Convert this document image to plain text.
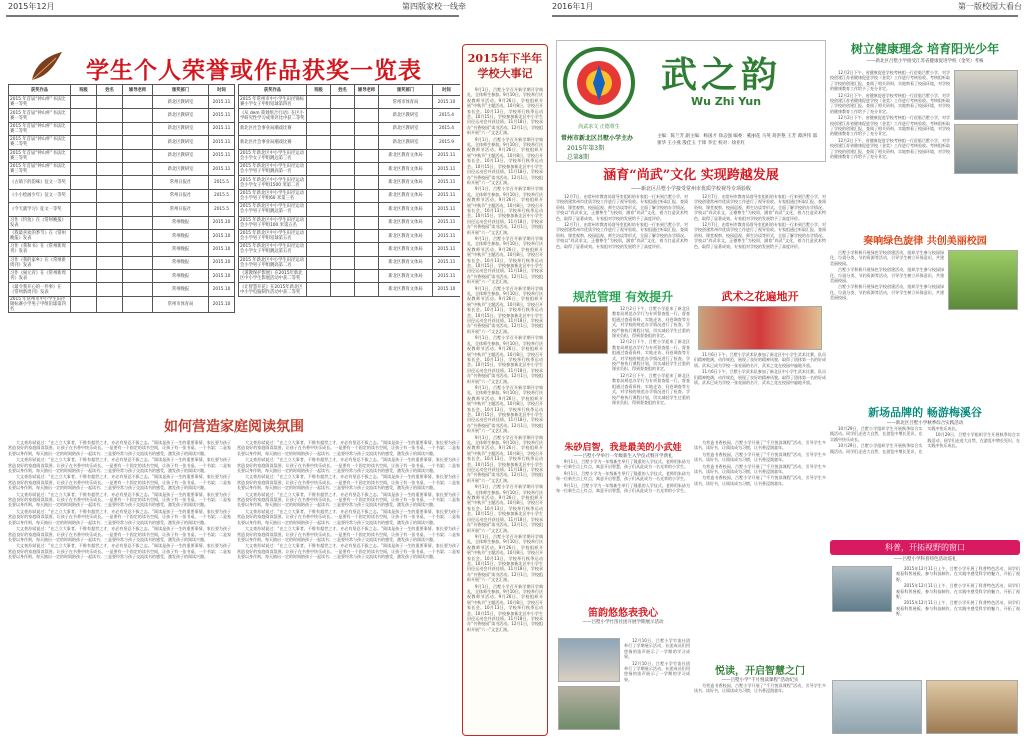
2015年12月	第四版家校一线牵	2016年1月	第一版校园大看台
学生个人荣誉或作品获奖一览表
获奖作品	班级	姓名	辅导老师	颁奖部门	时间
2015 年首届“钟山杯”书法比赛一等奖				新北区教研室	2015.11
2015 年首届“钟山杯”书法比赛一等奖				新北区教研室	2015.11
2015 年首届“钟山杯”书法比赛二等奖				新北区教研室	2015.11
2015 年首届“钟山杯”书法比赛二等奖				新北区教研室	2015.11
2015 年首届“钟山杯”书法比赛三等奖				新北区教研室	2015.11
2015 年首届“钟山杯”书法比赛三等奖				新北区教研室	2015.11
《古镇下的韵味》征文一等奖				常州日报社	2015.5
《小小绘画少年》征文一等奖				常州日报社	2015.5
《今天就学习》征文一等奖				常州日报社	2015.5
习作《钓鱼》在《常州晚报》发表				常州晚报	2015.10
《我最喜欢的季节》在《常州晚报》发表				常州晚报	2015.10
习作《我和书》在《常州新周刊》发表				常州晚报	2015.10
习作《我的家乡》在《常州新周刊》发表				常州晚报	2015.10
习作《闹元宵》在《常州新周刊》发表				常州晚报	2015.10
《最令我开心的一件事》在《常州新周刊》发表				常州晚报	2015.10
2015 年常州市中小学生田径锦标赛小学男子甲组铅球第四名				常州市体育局	2015.10
获奖作品	班级	姓名	辅导老师	颁奖部门	时间
2015 年常州市中小学生田径锦标赛小学女子甲组铅球第四名				常州市体育局	2015.10
《从 dem 策划组合行动》在区小学研究性学习成果评比中获二等奖				新北区教研室	2015.4
新北区社会事业局潮戏比赛				新北区教研室	2015.4
新北区社会事业局潮戏比赛				新北区教研室	2015.9
2015 年新北区中小学生田径运动会小学女子甲组跳远第三名				新北区教育文体局	2015.11
2015 年新北区中小学生田径运动会小学男子甲组跳高第一名				新北区教育文体局	2015.11
2015 年新北区中小学生田径运动会小学女子甲组1500 米第二名				新北区教育文体局	2015.11
2015 年新北区中小学生田径运动会小学男子甲组60 米第三名				新北区教育文体局	2015.11
2015 年新北区中小学生田径运动会小学男子甲组跳远第一名				新北区教育文体局	2015.11
2015 年新北区中小学生田径运动会小学男子甲组100 米第五名				新北区教育文体局	2015.11
2015 年新北区中小学生田径运动会小学男子甲组铅球第五名				新北区教育文体局	2015.11
2015 年新北区中小学生田径运动会小学女子甲组跳远第五名				新北区教育文体局	2015.11
2015 年新北区中小学生田径运动会小学男子甲组跳高第二名				新北区教育文体局	2015.11
《道教保护影展》在2015年新北区中小学生影展活动中获二等奖				新北区教育文体局	2015.11
《让智慧开花》在2015年新北区中小学电脑制作活动中获二等奖				新北区教育文体局	2015.10
如何营造家庭阅读氛围

大文豪苏轼说过：“在之立大事者，不惟有超世之才，亦必有坚忍不拔之志。”阅读是孩子一生的重要事情，家长要为孩子营造良好的家庭阅读氛围，让孩子在书香中快乐成长。一是要有一个固定的读书空间，让孩子有一张书桌、一个书架；二是家长要以身作则，每天抽出一定的时间陪孩子一起读书；三是要经常与孩子交流读书的感受，激发孩子的阅读兴趣。

大文豪苏轼说过：“在之立大事者，不惟有超世之才，亦必有坚忍不拔之志。”阅读是孩子一生的重要事情，家长要为孩子营造良好的家庭阅读氛围，让孩子在书香中快乐成长。一是要有一个固定的读书空间，让孩子有一张书桌、一个书架；二是家长要以身作则，每天抽出一定的时间陪孩子一起读书；三是要经常与孩子交流读书的感受，激发孩子的阅读兴趣。

大文豪苏轼说过：“在之立大事者，不惟有超世之才，亦必有坚忍不拔之志。”阅读是孩子一生的重要事情，家长要为孩子营造良好的家庭阅读氛围，让孩子在书香中快乐成长。一是要有一个固定的读书空间，让孩子有一张书桌、一个书架；二是家长要以身作则，每天抽出一定的时间陪孩子一起读书；三是要经常与孩子交流读书的感受，激发孩子的阅读兴趣。

大文豪苏轼说过：“在之立大事者，不惟有超世之才，亦必有坚忍不拔之志。”阅读是孩子一生的重要事情，家长要为孩子营造良好的家庭阅读氛围，让孩子在书香中快乐成长。一是要有一个固定的读书空间，让孩子有一张书桌、一个书架；二是家长要以身作则，每天抽出一定的时间陪孩子一起读书；三是要经常与孩子交流读书的感受，激发孩子的阅读兴趣。

大文豪苏轼说过：“在之立大事者，不惟有超世之才，亦必有坚忍不拔之志。”阅读是孩子一生的重要事情，家长要为孩子营造良好的家庭阅读氛围，让孩子在书香中快乐成长。一是要有一个固定的读书空间，让孩子有一张书桌、一个书架；二是家长要以身作则，每天抽出一定的时间陪孩子一起读书；三是要经常与孩子交流读书的感受，激发孩子的阅读兴趣。

大文豪苏轼说过：“在之立大事者，不惟有超世之才，亦必有坚忍不拔之志。”阅读是孩子一生的重要事情，家长要为孩子营造良好的家庭阅读氛围，让孩子在书香中快乐成长。一是要有一个固定的读书空间，让孩子有一张书桌、一个书架；二是家长要以身作则，每天抽出一定的时间陪孩子一起读书；三是要经常与孩子交流读书的感受，激发孩子的阅读兴趣。

大文豪苏轼说过：“在之立大事者，不惟有超世之才，亦必有坚忍不拔之志。”阅读是孩子一生的重要事情，家长要为孩子营造良好的家庭阅读氛围，让孩子在书香中快乐成长。一是要有一个固定的读书空间，让孩子有一张书桌、一个书架；二是家长要以身作则，每天抽出一定的时间陪孩子一起读书；三是要经常与孩子交流读书的感受，激发孩子的阅读兴趣。

大文豪苏轼说过：“在之立大事者，不惟有超世之才，亦必有坚忍不拔之志。”阅读是孩子一生的重要事情，家长要为孩子营造良好的家庭阅读氛围，让孩子在书香中快乐成长。一是要有一个固定的读书空间，让孩子有一张书桌、一个书架；二是家长要以身作则，每天抽出一定的时间陪孩子一起读书；三是要经常与孩子交流读书的感受，激发孩子的阅读兴趣。

大文豪苏轼说过：“在之立大事者，不惟有超世之才，亦必有坚忍不拔之志。”阅读是孩子一生的重要事情，家长要为孩子营造良好的家庭阅读氛围，让孩子在书香中快乐成长。一是要有一个固定的读书空间，让孩子有一张书桌、一个书架；二是家长要以身作则，每天抽出一定的时间陪孩子一起读书；三是要经常与孩子交流读书的感受，激发孩子的阅读兴趣。

大文豪苏轼说过：“在之立大事者，不惟有超世之才，亦必有坚忍不拔之志。”阅读是孩子一生的重要事情，家长要为孩子营造良好的家庭阅读氛围，让孩子在书香中快乐成长。一是要有一个固定的读书空间，让孩子有一张书桌、一个书架；二是家长要以身作则，每天抽出一定的时间陪孩子一起读书；三是要经常与孩子交流读书的感受，激发孩子的阅读兴趣。

大文豪苏轼说过：“在之立大事者，不惟有超世之才，亦必有坚忍不拔之志。”阅读是孩子一生的重要事情，家长要为孩子营造良好的家庭阅读氛围，让孩子在书香中快乐成长。一是要有一个固定的读书空间，让孩子有一张书桌、一个书架；二是家长要以身作则，每天抽出一定的时间陪孩子一起读书；三是要经常与孩子交流读书的感受，激发孩子的阅读兴趣。

大文豪苏轼说过：“在之立大事者，不惟有超世之才，亦必有坚忍不拔之志。”阅读是孩子一生的重要事情，家长要为孩子营造良好的家庭阅读氛围，让孩子在书香中快乐成长。一是要有一个固定的读书空间，让孩子有一张书桌、一个书架；二是家长要以身作则，每天抽出一定的时间陪孩子一起读书；三是要经常与孩子交流读书的感受，激发孩子的阅读兴趣。

大文豪苏轼说过：“在之立大事者，不惟有超世之才，亦必有坚忍不拔之志。”阅读是孩子一生的重要事情，家长要为孩子营造良好的家庭阅读氛围，让孩子在书香中快乐成长。一是要有一个固定的读书空间，让孩子有一张书桌、一个书架；二是家长要以身作则，每天抽出一定的时间陪孩子一起读书；三是要经常与孩子交流读书的感受，激发孩子的阅读兴趣。

大文豪苏轼说过：“在之立大事者，不惟有超世之才，亦必有坚忍不拔之志。”阅读是孩子一生的重要事情，家长要为孩子营造良好的家庭阅读氛围，让孩子在书香中快乐成长。一是要有一个固定的读书空间，让孩子有一张书桌、一个书架；二是家长要以身作则，每天抽出一定的时间陪孩子一起读书；三是要经常与孩子交流读书的感受，激发孩子的阅读兴趣。

2015年下半年学校大事记

9月1日，吕墅小学召开新学期开学典礼，全体师生参加。9月10日，学校举行庆祝教师节活动。9月26日，学校组织开展“中秋节”主题活动。10月8日，学校召开家长会。10月13日，学校举行秋季运动会。10月15日，学校参加新北区中小学生田径运动会并获佳绩。11月18日，学校承办“书香校园”读书活动。12月1日，学校组织开展“六一”文艺汇演。

9月1日，吕墅小学召开新学期开学典礼，全体师生参加。9月10日，学校举行庆祝教师节活动。9月26日，学校组织开展“中秋节”主题活动。10月8日，学校召开家长会。10月13日，学校举行秋季运动会。10月15日，学校参加新北区中小学生田径运动会并获佳绩。11月18日，学校承办“书香校园”读书活动。12月1日，学校组织开展“六一”文艺汇演。

9月1日，吕墅小学召开新学期开学典礼，全体师生参加。9月10日，学校举行庆祝教师节活动。9月26日，学校组织开展“中秋节”主题活动。10月8日，学校召开家长会。10月13日，学校举行秋季运动会。10月15日，学校参加新北区中小学生田径运动会并获佳绩。11月18日，学校承办“书香校园”读书活动。12月1日，学校组织开展“六一”文艺汇演。

9月1日，吕墅小学召开新学期开学典礼，全体师生参加。9月10日，学校举行庆祝教师节活动。9月26日，学校组织开展“中秋节”主题活动。10月8日，学校召开家长会。10月13日，学校举行秋季运动会。10月15日，学校参加新北区中小学生田径运动会并获佳绩。11月18日，学校承办“书香校园”读书活动。12月1日，学校组织开展“六一”文艺汇演。

9月1日，吕墅小学召开新学期开学典礼，全体师生参加。9月10日，学校举行庆祝教师节活动。9月26日，学校组织开展“中秋节”主题活动。10月8日，学校召开家长会。10月13日，学校举行秋季运动会。10月15日，学校参加新北区中小学生田径运动会并获佳绩。11月18日，学校承办“书香校园”读书活动。12月1日，学校组织开展“六一”文艺汇演。

9月1日，吕墅小学召开新学期开学典礼，全体师生参加。9月10日，学校举行庆祝教师节活动。9月26日，学校组织开展“中秋节”主题活动。10月8日，学校召开家长会。10月13日，学校举行秋季运动会。10月15日，学校参加新北区中小学生田径运动会并获佳绩。11月18日，学校承办“书香校园”读书活动。12月1日，学校组织开展“六一”文艺汇演。

9月1日，吕墅小学召开新学期开学典礼，全体师生参加。9月10日，学校举行庆祝教师节活动。9月26日，学校组织开展“中秋节”主题活动。10月8日，学校召开家长会。10月13日，学校举行秋季运动会。10月15日，学校参加新北区中小学生田径运动会并获佳绩。11月18日，学校承办“书香校园”读书活动。12月1日，学校组织开展“六一”文艺汇演。

9月1日，吕墅小学召开新学期开学典礼，全体师生参加。9月10日，学校举行庆祝教师节活动。9月26日，学校组织开展“中秋节”主题活动。10月8日，学校召开家长会。10月13日，学校举行秋季运动会。10月15日，学校参加新北区中小学生田径运动会并获佳绩。11月18日，学校承办“书香校园”读书活动。12月1日，学校组织开展“六一”文艺汇演。

9月1日，吕墅小学召开新学期开学典礼，全体师生参加。9月10日，学校举行庆祝教师节活动。9月26日，学校组织开展“中秋节”主题活动。10月8日，学校召开家长会。10月13日，学校举行秋季运动会。10月15日，学校参加新北区中小学生田径运动会并获佳绩。11月18日，学校承办“书香校园”读书活动。12月1日，学校组织开展“六一”文艺汇演。

9月1日，吕墅小学召开新学期开学典礼，全体师生参加。9月10日，学校举行庆祝教师节活动。9月26日，学校组织开展“中秋节”主题活动。10月8日，学校召开家长会。10月13日，学校举行秋季运动会。10月15日，学校参加新北区中小学生田径运动会并获佳绩。11月18日，学校承办“书香校园”读书活动。12月1日，学校组织开展“六一”文艺汇演。

9月1日，吕墅小学召开新学期开学典礼，全体师生参加。9月10日，学校举行庆祝教师节活动。9月26日，学校组织开展“中秋节”主题活动。10月8日，学校召开家长会。10月13日，学校举行秋季运动会。10月15日，学校参加新北区中小学生田径运动会并获佳绩。11月18日，学校承办“书香校园”读书活动。12月1日，学校组织开展“六一”文艺汇演。

尚武求文 正德尊生
武之韵
Wu Zhi Yun
常州市新北区吕墅小学主办
2015年第3期
总第8期
主编：陈兰芳 副主编：杨国才 徐志强 编委：奚丽花 马英 蒋洪艳 王芳 谭洪伟 邵蕾华 王小燕 殷佳玉 于锋 李宏 校对：徐亚红
涵育“尚武”文化 实现跨越发展
——新北区吕墅小学接受常州市优质学校视导专项验收

12月7日，由常州市教育局督导室组织的专家组一行来到吕墅小学，对学校创建常州市优质学校工作进行了视导验收。专家组通过听取汇报、查阅资料、课堂观察、校园巡视、师生访谈等形式，全面了解学校的办学情况。学校以“尚武求文，正德尊生”为校训，涵育“尚武”文化，着力打造武术特色，取得了显著成效。专家组对学校的发展给予了高度评价。

12月7日，由常州市教育局督导室组织的专家组一行来到吕墅小学，对学校创建常州市优质学校工作进行了视导验收。专家组通过听取汇报、查阅资料、课堂观察、校园巡视、师生访谈等形式，全面了解学校的办学情况。学校以“尚武求文，正德尊生”为校训，涵育“尚武”文化，着力打造武术特色，取得了显著成效。专家组对学校的发展给予了高度评价。

12月7日，由常州市教育局督导室组织的专家组一行来到吕墅小学，对学校创建常州市优质学校工作进行了视导验收。专家组通过听取汇报、查阅资料、课堂观察、校园巡视、师生访谈等形式，全面了解学校的办学情况。学校以“尚武求文，正德尊生”为校训，涵育“尚武”文化，着力打造武术特色，取得了显著成效。专家组对学校的发展给予了高度评价。

12月7日，由常州市教育局督导室组织的专家组一行来到吕墅小学，对学校创建常州市优质学校工作进行了视导验收。专家组通过听取汇报、查阅资料、课堂观察、校园巡视、师生访谈等形式，全面了解学校的办学情况。学校以“尚武求文，正德尊生”为校训，涵育“尚武”文化，着力打造武术特色，取得了显著成效。专家组对学校的发展给予了高度评价。

规范管理 有效提升

12月2日下午，吕墅小学迎来了新北区教育局规范办学行为专项督查组一行。督查组通过查看资料、实地走访、问卷调查等方式，对学校的规范办学情况进行了检查。学校严格执行课程计划，切实减轻学生过重的课业负担，得到督查组的肯定。

12月2日下午，吕墅小学迎来了新北区教育局规范办学行为专项督查组一行。督查组通过查看资料、实地走访、问卷调查等方式，对学校的规范办学情况进行了检查。学校严格执行课程计划，切实减轻学生过重的课业负担，得到督查组的肯定。

12月2日下午，吕墅小学迎来了新北区教育局规范办学行为专项督查组一行。督查组通过查看资料、实地走访、问卷调查等方式，对学校的规范办学情况进行了检查。学校严格执行课程计划，切实减轻学生过重的课业负担，得到督查组的肯定。

武术之花遍地开

11月6日下午，吕墅小学武术队参加了新北区中小学生武术比赛。队员们精神饱满，动作规范，展现了良好的精神风貌，取得了团体第一名的好成绩。武术已成为学校一张亮丽的名片，武术之花在校园中遍地开放。

11月6日下午，吕墅小学武术队参加了新北区中小学生武术比赛。队员们精神饱满，动作规范，展现了良好的精神风貌，取得了团体第一名的好成绩。武术已成为学校一张亮丽的名片，武术之花在校园中遍地开放。

朱砂启智，我是最美的小武娃
——吕墅小学举行一年级新生入学仪式暨开学典礼

9月1日，吕墅小学为一年级新生举行了隆重的入学仪式。老师用朱砂为每一位新生点上红点，寓意开启智慧，孩子们从此成为一名光荣的小学生。

9月1日，吕墅小学为一年级新生举行了隆重的入学仪式。老师用朱砂为每一位新生点上红点，寓意开启智慧，孩子们从此成为一名光荣的小学生。

9月1日，吕墅小学为一年级新生举行了隆重的入学仪式。老师用朱砂为每一位新生点上红点，寓意开启智慧，孩子们从此成为一名光荣的小学生。

笛韵悠悠表我心
——吕墅小学竹笛社团开展学期展示活动

12月10日，吕墅小学竹笛社团举行了学期展示活动，社团成员们用悠扬的笛声展示了一学期的学习成果。

12月10日，吕墅小学竹笛社团举行了学期展示活动，社团成员们用悠扬的笛声展示了一学期的学习成果。

为营造书香校园，吕墅小学开展了“千月悦读课程”活动，引导学生多读书、读好书，让阅读成为习惯，让书香浸润童年。

为营造书香校园，吕墅小学开展了“千月悦读课程”活动，引导学生多读书、读好书，让阅读成为习惯，让书香浸润童年。

为营造书香校园，吕墅小学开展了“千月悦读课程”活动，引导学生多读书、读好书，让阅读成为习惯，让书香浸润童年。

为营造书香校园，吕墅小学开展了“千月悦读课程”活动，引导学生多读书、读好书，让阅读成为习惯，让书香浸润童年。

悦读，开启智慧之门
——吕墅小学“千月悦读课程”活动纪实

为营造书香校园，吕墅小学开展了“千月悦读课程”活动，引导学生多读书、读好书，让阅读成为习惯，让书香浸润童年。

树立健康理念 培育阳光少年
——新北区吕墅小学接受江苏省健康促进学校（金奖）考核

12月2日下午，省健康促进学校考核组一行莅临吕墅小学，对学校创建江苏省健康促进学校（金奖）工作进行考核验收。考核组听取了学校的创建汇报，查阅了相关资料，实地察看了校园环境，对学校的健康教育工作给予了充分肯定。

12月2日下午，省健康促进学校考核组一行莅临吕墅小学，对学校创建江苏省健康促进学校（金奖）工作进行考核验收。考核组听取了学校的创建汇报，查阅了相关资料，实地察看了校园环境，对学校的健康教育工作给予了充分肯定。

12月2日下午，省健康促进学校考核组一行莅临吕墅小学，对学校创建江苏省健康促进学校（金奖）工作进行考核验收。考核组听取了学校的创建汇报，查阅了相关资料，实地察看了校园环境，对学校的健康教育工作给予了充分肯定。

12月2日下午，省健康促进学校考核组一行莅临吕墅小学，对学校创建江苏省健康促进学校（金奖）工作进行考核验收。考核组听取了学校的创建汇报，查阅了相关资料，实地察看了校园环境，对学校的健康教育工作给予了充分肯定。

奏响绿色旋律 共创美丽校园

吕墅小学积极开展绿色学校创建活动，组织学生参与校园绿化、垃圾分类、节约资源等活动，引导学生树立环保意识，共建美丽校园。

吕墅小学积极开展绿色学校创建活动，组织学生参与校园绿化、垃圾分类、节约资源等活动，引导学生树立环保意识，共建美丽校园。

吕墅小学积极开展绿色学校创建活动，组织学生参与校园绿化、垃圾分类、节约资源等活动，引导学生树立环保意识，共建美丽校园。

新场品牌的 畅游梅溪谷
——新北区吕墅小学秋季综合实践活动

10月29日，吕墅小学组织学生开展秋季综合实践活动。同学们走进大自然，在游览中增长见识，在实践中快乐成长。

10月29日，吕墅小学组织学生开展秋季综合实践活动。同学们走进大自然，在游览中增长见识，在实践中快乐成长。

10月29日，吕墅小学组织学生开展秋季综合实践活动。同学们走进大自然，在游览中增长见识，在实践中快乐成长。

科普，开拓视野的窗口
——吕墅小学科普特色活动巡礼

2015年12月11日上午，吕墅小学开展了科普特色活动，同学们观看科普展板、参与科技制作，在实践中感受科学的魅力，开拓了视野。

2015年12月11日上午，吕墅小学开展了科普特色活动，同学们观看科普展板、参与科技制作，在实践中感受科学的魅力，开拓了视野。

2015年12月11日上午，吕墅小学开展了科普特色活动，同学们观看科普展板、参与科技制作，在实践中感受科学的魅力，开拓了视野。
